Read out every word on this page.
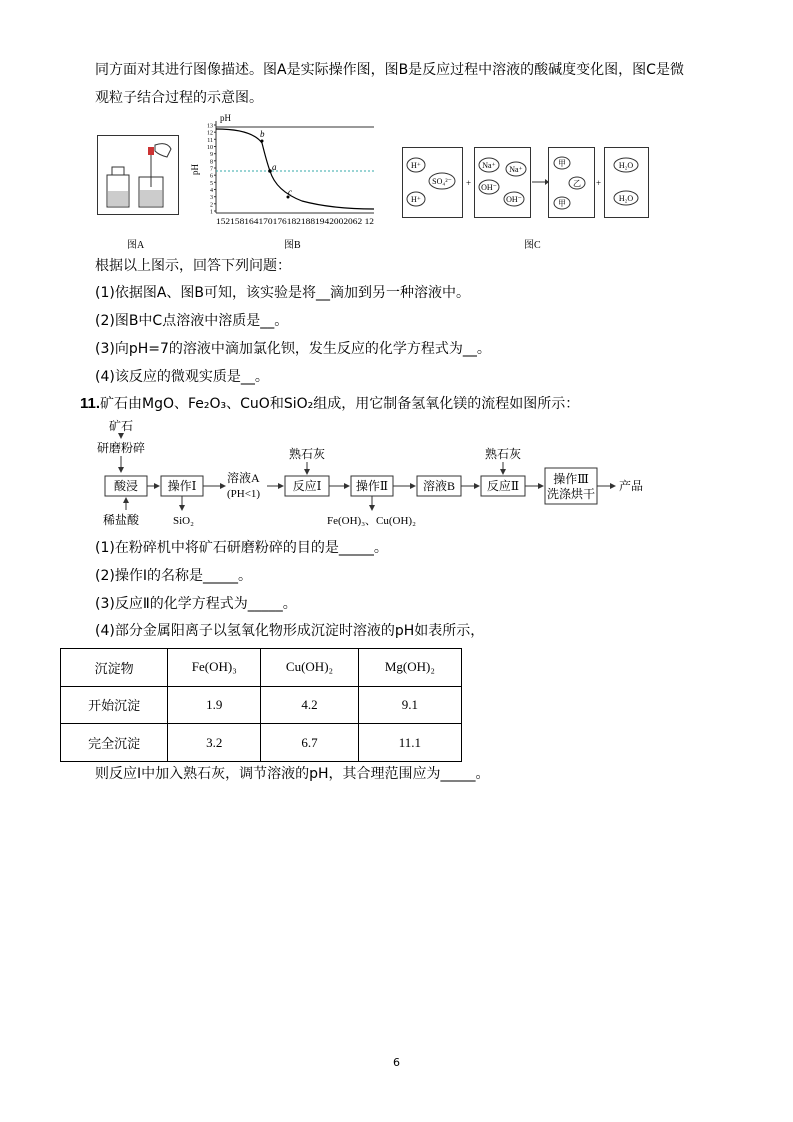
同方面对其进行图像描述。图A是实际操作图，图B是反应过程中溶液的酸碱度变化图，图C是微
观粒子结合过程的示意图。
图A
pH
pH
13
12
11
10
9
8
7
6
5
4
3
2
1
a
b
c
1521581641701761821881942002062 12
图B
H⁺
SO₄²⁻
H⁺
+
Na⁺ Na⁺
OH⁻
OH⁻
甲
乙
甲
+
H₂O
H₂O
图C
根据以上图示，回答下列问题：
(1)依据图A、图B可知，该实验是将__滴加到另一种溶液中。
(2)图B中C点溶液中溶质是__。
(3)向pH=7的溶液中滴加氯化钡，发生反应的化学方程式为__。
(4)该反应的微观实质是__。
11.矿石由MgO、Fe₂O₃、CuO和SiO₂组成，用它制备氢氧化镁的流程如图所示：
矿石
研磨粉碎
酸浸
稀盐酸
操作Ⅰ
SiO₂
溶液A
(PH<1)
熟石灰
反应Ⅰ	操作Ⅱ
Fe(OH)₃、Cu(OH)₂
溶液B
熟石灰
反应Ⅱ	操作Ⅲ
洗涤烘干
产品
(1)在粉碎机中将矿石研磨粉碎的目的是_____。
(2)操作Ⅰ的名称是_____。
(3)反应Ⅱ的化学方程式为_____。
(4)部分金属阳离子以氢氧化物形成沉淀时溶液的pH如表所示，
沉淀物	Fe(OH)₃	Cu(OH)₂	Mg(OH)₂
开始沉淀	1.9	4.2	9.1
完全沉淀	3.2	6.7	11.1
则反应Ⅰ中加入熟石灰，调节溶液的pH，其合理范围应为_____。
6
